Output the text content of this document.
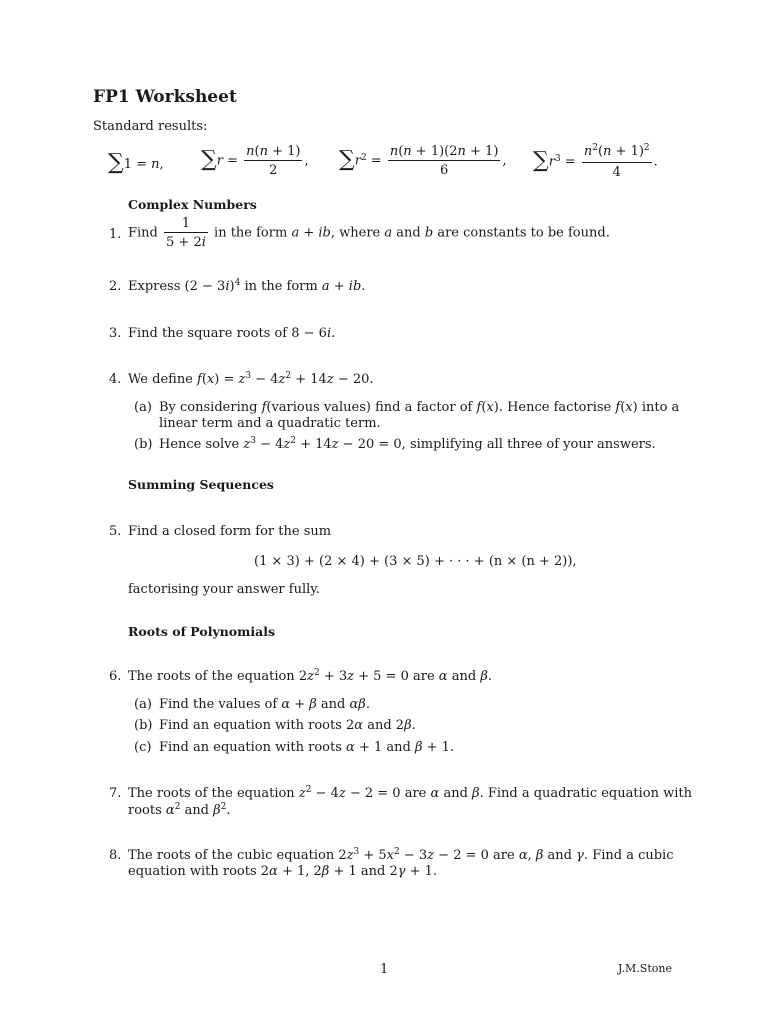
FP1 Worksheet
Standard results:
∑1 = n, $\sum r = \frac{n(n + 1)}{2}$ , $\sum r^2 = \frac{n(n + 1)(2n + 1)}{6}$ , $\sum r^3 = \frac{n^2(n + 1)^2}{4}$ .
Complex Numbers
1. Find $\frac{1}{5 + 2i}$ in the form a + ib, where a and b are constants to be found.
2. Express $(2 - 3i)^4$ in the form a + ib.
3. Find the square roots of 8 − 6i.
4. We define $f(x) = z^3 - 4z^2 + 14z - 20$.
(a) By considering f(various values) find a factor of f(x). Hence factorise f(x) into a
linear term and a quadratic term.
(b) Hence solve $z^3 - 4z^2 + 14z - 20 = 0$, simplifying all three of your answers.
Summing Sequences
5. Find a closed form for the sum
(1 × 3) + (2 × 4) + (3 × 5) + · · · + (n × (n + 2)),
factorising your answer fully.
Roots of Polynomials
6. The roots of the equation $2z^2 + 3z + 5 = 0$ are α and β.
(a) Find the values of α + β and αβ.
(b) Find an equation with roots 2α and 2β.
(c) Find an equation with roots α + 1 and β + 1.
7. The roots of the equation $z^2 - 4z - 2 = 0$ are α and β. Find a quadratic equation with
roots $\alpha^2$ and $\beta^2$.
8. The roots of the cubic equation $2z^3 + 5x^2 - 3z - 2 = 0$ are α, β and γ. Find a cubic
equation with roots 2α + 1, 2β + 1 and 2γ + 1.
1	J.M.Stone
